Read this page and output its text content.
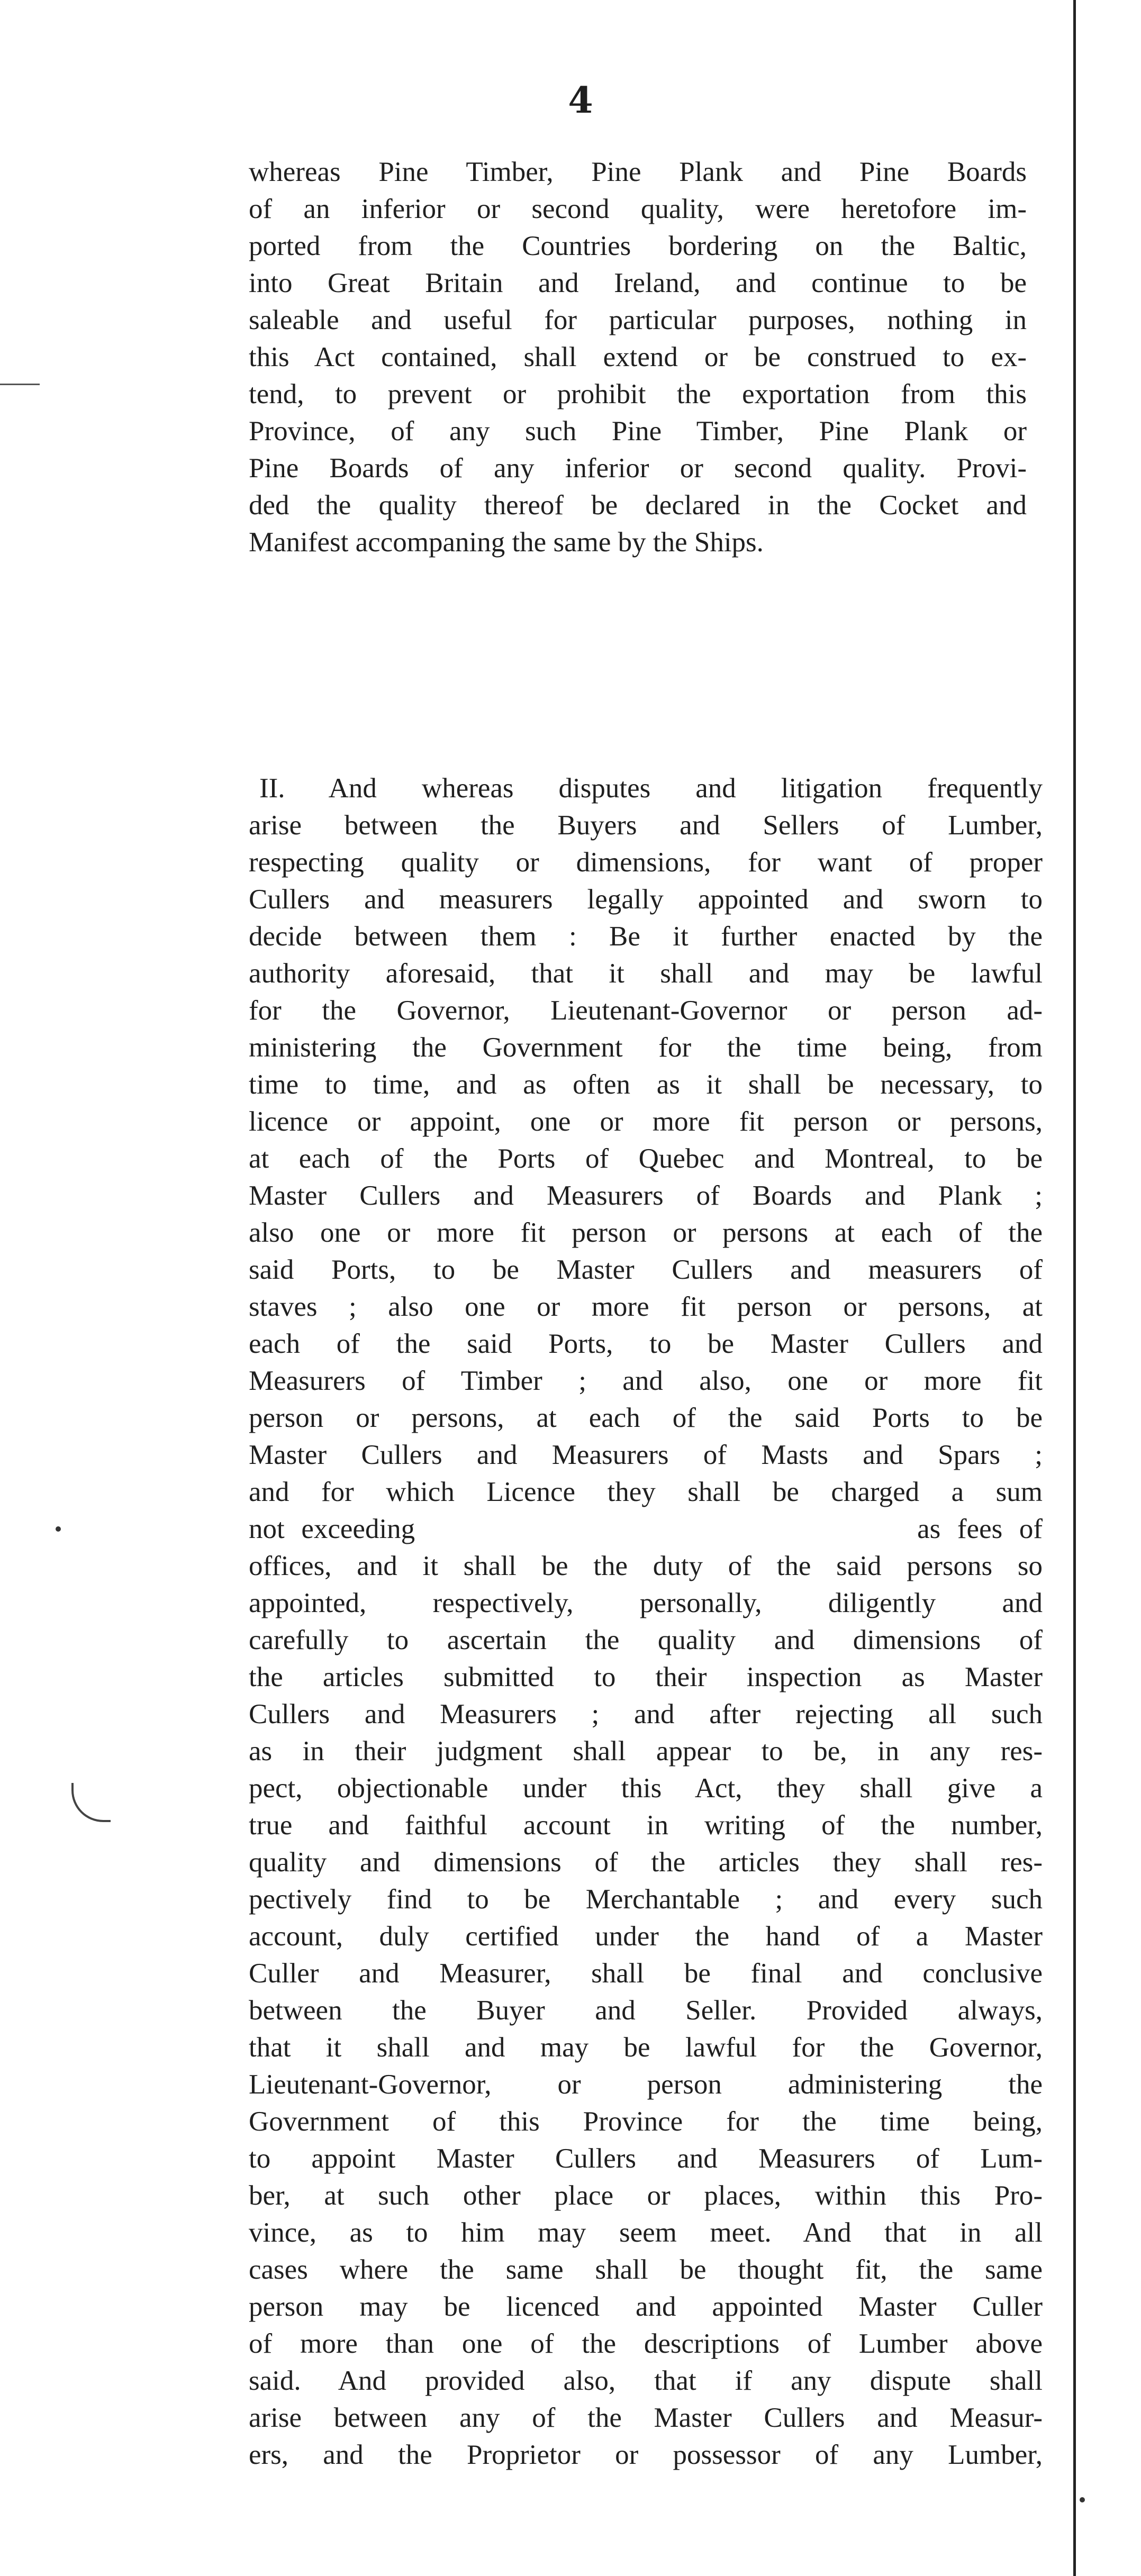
4
whereas Pine Timber, Pine Plank and Pine Boards
of an inferior or second quality, were heretofore im-
ported from the Countries bordering on the Baltic,
into Great Britain and Ireland, and continue to be
saleable and useful for particular purposes, nothing in
this Act contained, shall extend or be construed to ex-
tend, to prevent or prohibit the exportation from this
Province, of any such Pine Timber, Pine Plank or
Pine Boards of any inferior or second quality. Provi-
ded the quality thereof be declared in the Cocket and
Manifest accompaning the same by the Ships.
II. And whereas disputes and litigation frequently
arise between the Buyers and Sellers of Lumber,
respecting quality or dimensions, for want of proper
Cullers and measurers legally appointed and sworn to
decide between them : Be it further enacted by the
authority aforesaid, that it shall and may be lawful
for the Governor, Lieutenant-Governor or person ad-
ministering the Government for the time being, from
time to time, and as often as it shall be necessary, to
licence or appoint, one or more fit person or persons,
at each of the Ports of Quebec and Montreal, to be
Master Cullers and Measurers of Boards and Plank ;
also one or more fit person or persons at each of the
said Ports, to be Master Cullers and measurers of
staves ; also one or more fit person or persons, at
each of the said Ports, to be Master Cullers and
Measurers of Timber ; and also, one or more fit
person or persons, at each of the said Ports to be
Master Cullers and Measurers of Masts and Spars ;
and for which Licence they shall be charged a sum
not exceeding                              as fees of
offices, and it shall be the duty of the said persons so
appointed, respectively, personally, diligently and
carefully to ascertain the quality and dimensions of
the articles submitted to their inspection as Master
Cullers and Measurers ; and after rejecting all such
as in their judgment shall appear to be, in any res-
pect, objectionable under this Act, they shall give a
true and faithful account in writing of the number,
quality and dimensions of the articles they shall res-
pectively find to be Merchantable ; and every such
account, duly certified under the hand of a Master
Culler and Measurer, shall be final and conclusive
between the Buyer and Seller. Provided always,
that it shall and may be lawful for the Governor,
Lieutenant-Governor, or person administering the
Government of this Province for the time being,
to appoint Master Cullers and Measurers of Lum-
ber, at such other place or places, within this Pro-
vince, as to him may seem meet. And that in all
cases where the same shall be thought fit, the same
person may be licenced and appointed Master Culler
of more than one of the descriptions of Lumber above
said. And provided also, that if any dispute shall
arise between any of the Master Cullers and Measur-
ers, and the Proprietor or possessor of any Lumber,
